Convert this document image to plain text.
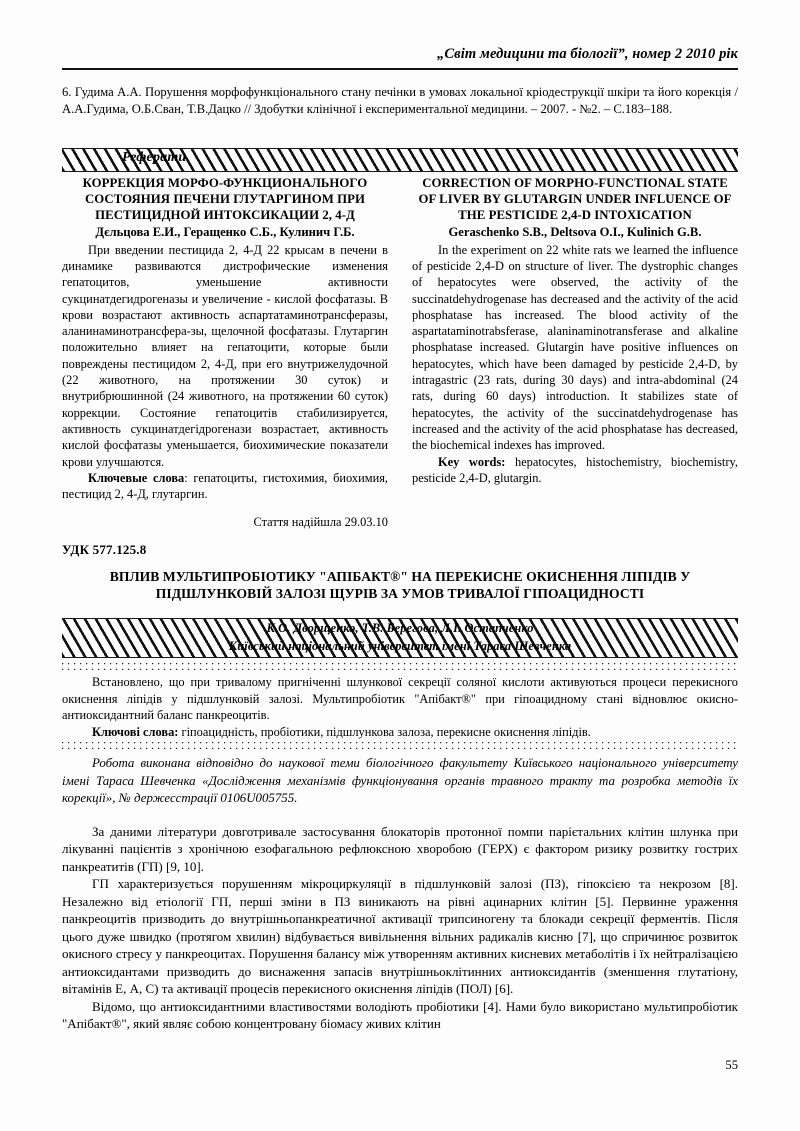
„Світ медицини та біології”, номер 2 2010 рік

6. Гудима А.А. Порушення морфофункціонального стану печінки в умовах локальної кріодеструкції шкіри та його корекція / А.А.Гудима, О.Б.Сван, Т.В.Дацко // Здобутки клінічної і експериментальної медицини. – 2007. - №2. – С.183–188.

Реферати

КОРРЕКЦИЯ МОРФО-ФУНКЦИОНАЛЬНОГО СОСТОЯНИЯ ПЕЧЕНИ ГЛУТАРГИНОМ ПРИ ПЕСТИЦИДНОЙ ИНТОКСИКАЦИИ 2, 4-Д

Дєльцова Е.И., Геращенко С.Б., Кулинич Г.Б.

При введении пестицида 2, 4-Д 22 крысам в печени в динамике развиваются дистрофические изменения гепатоцитов, уменьшение активности сукцинатдегидрогеназы и увеличение - кислой фосфатазы. В крови возрастают активность аспартатаминотрансферазы, аланинаминотрансфера-зы, щелочной фосфатазы. Глутаргин положительно влияет на гепатоцити, которые были повреждены пестицидом 2, 4-Д, при его внутрижелудочной (22 животного, на протяжении 30 суток) и внутрибрюшинной (24 животного, на протяжении 60 суток) коррекции. Состояние гепатоцитів стабилизируется, активность сукцинатдегідрогенази возрастает, активность кислой фосфатазы уменьшается, биохимические показатели крови улучшаются.

Ключевые слова: гепатоциты, гистохимия, биохимия, пестицид 2, 4-Д, глутаргин.

Стаття надійшла 29.03.10

CORRECTION OF MORPHO-FUNCTIONAL STATE OF LIVER BY GLUTARGIN UNDER INFLUENCE OF THE PESTICIDE 2,4-D INTOXICATION

Geraschenko S.B., Deltsova O.I., Kulinich G.B.

In the experiment on 22 white rats we learned the influence of pesticide 2,4-D on structure of liver. The dystrophic changes of hepatocytes were observed, the activity of the succinatdehydrogenase has decreased and the activity of the acid phosphatase has increased. The blood activity of the aspartataminotrabsferase, alaninaminotransferase and alkaline phosphatase increased. Glutargin have positive influences on hepatocytes, which have been damaged by pesticide 2,4-D, by intragastric (23 rats, during 30 days) and intra-abdominal (24 rats, during 60 days) introduction. It stabilizes state of hepatocytes, the activity of the succinatdehydrogenase has increased and the activity of the acid phosphatase has decreased, the biochemical indexes has improved.

Key words: hepatocytes, histochemistry, biochemistry, pesticide 2,4-D, glutargin.

УДК 577.125.8
ВПЛИВ МУЛЬТИПРОБІОТИКУ "АПІБАКТ®" НА ПЕРЕКИСНЕ ОКИСНЕННЯ ЛІПІДІВ У ПІДШЛУНКОВІЙ ЗАЛОЗІ ЩУРІВ ЗА УМОВ ТРИВАЛОЇ ГІПОАЦИДНОСТІ
К.О. Дворщенко, Т.В. Берегова, Л.І. Остапченко
Київський національний університет імені Тараса Шевченка

Встановлено, що при тривалому пригніченні шлункової секреції соляної кислоти активуються процеси перекисного окиснення ліпідів у підшлунковій залозі. Мультипробіотик "Апібакт®" при гіпоацидному стані відновлює окисно-антиоксидантний баланс панкреоцитів.

Ключові слова: гіпоацидність, пробіотики, підшлункова залоза, перекисне окиснення ліпідів.

Робота виконана відповідно до наукової теми біологічного факультету Київського національного університету імені Тараса Шевченка «Дослідження механізмів функціонування органів травного тракту та розробка методів їх корекції», № держесстрації 0106U005755.

За даними літератури довготривале застосування блокаторів протонної помпи парієтальних клітин шлунка при лікуванні пацієнтів з хронічною езофагальною рефлюксною хворобою (ГЕРХ) є фактором ризику розвитку гострих панкреатитів (ГП) [9, 10].

ГП характеризується порушенням мікроциркуляції в підшлунковій залозі (ПЗ), гіпоксією та некрозом [8]. Незалежно від етіології ГП, перші зміни в ПЗ виникають на рівні ацинарних клітин [5]. Первинне ураження панкреоцитів призводить до внутрішньопанкреатичної активації трипсиногену та блокади секреції ферментів. Після цього дуже швидко (протягом хвилин) відбувається вивільнення вільних радикалів кисню [7], що спричинює розвиток окисного стресу у панкреоцитах. Порушення балансу між утворенням активних кисневих метаболітів і їх нейтралізацією антиоксидантами призводить до виснаження запасів внутрішньоклітинних антиоксидантів (зменшення глутатіону, вітамінів Е, А, С) та активації процесів перекисного окиснення ліпідів (ПОЛ) [6].

Відомо, що антиоксидантними властивостями володіють пробіотики [4]. Нами було використано мультипробіотик "Апібакт®", який являє собою концентровану біомасу живих клітин

55
